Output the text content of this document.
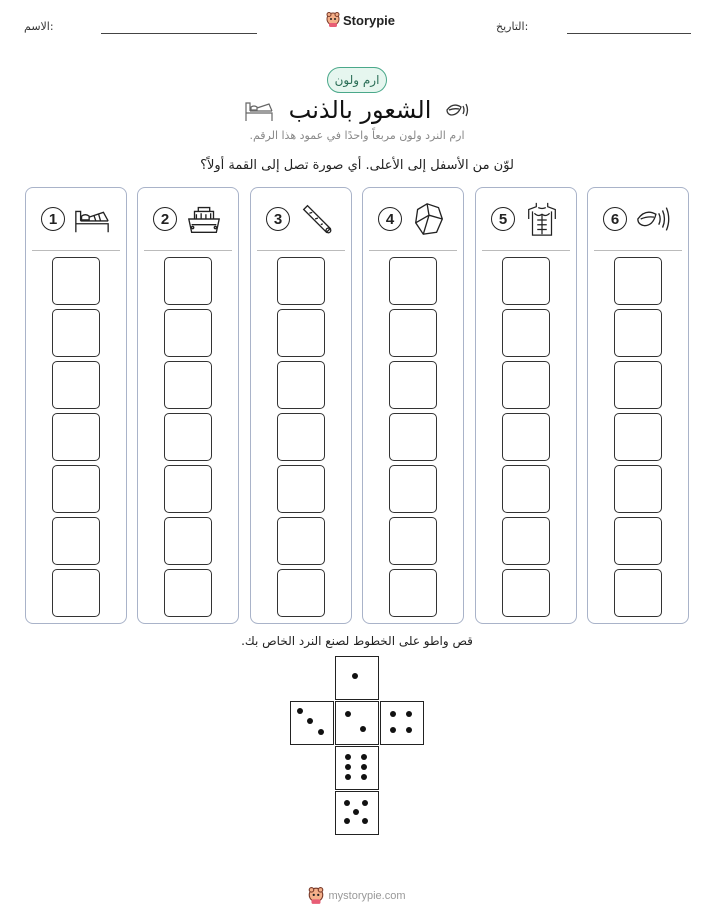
الاسم:	Storypie	التاريخ:
ارم ولون
الشعور بالذنب
ارم النرد ولون مربعاً واحدًا في عمود هذا الرقم.
لوّن من الأسفل إلى الأعلى. أي صورة تصل إلى القمة أولاً؟
1	2	3	4	5	6
قص واطو على الخطوط لصنع النرد الخاص بك.
mystorypie.com
